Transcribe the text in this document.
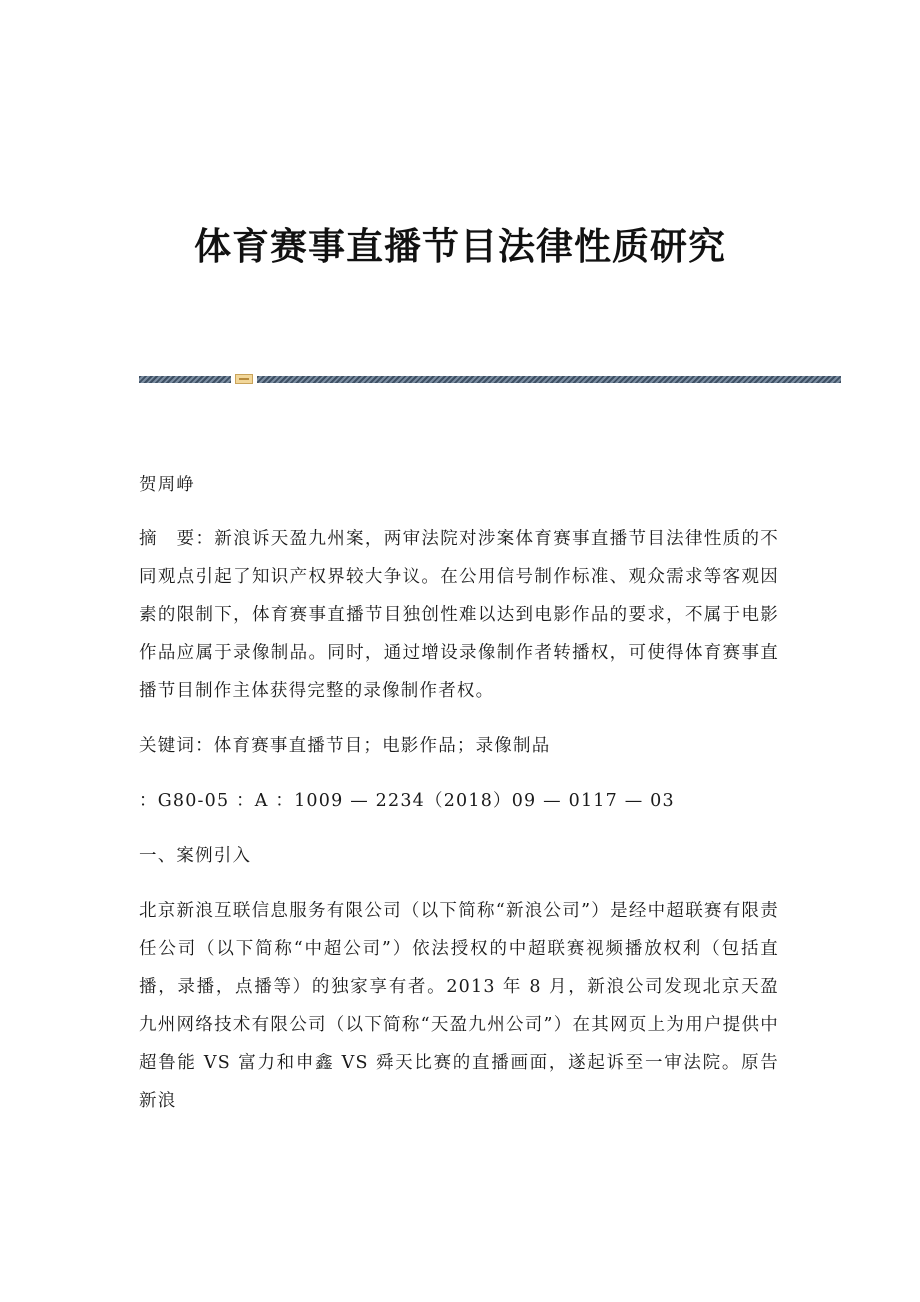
体育赛事直播节目法律性质研究

贺周峥

摘　要：新浪诉天盈九州案，两审法院对涉案体育赛事直播节目法律性质的不同观点引起了知识产权界较大争议。在公用信号制作标准、观众需求等客观因素的限制下，体育赛事直播节目独创性难以达到电影作品的要求，不属于电影作品应属于录像制品。同时，通过增设录像制作者转播权，可使得体育赛事直播节目制作主体获得完整的录像制作者权。

关键词：体育赛事直播节目；电影作品；录像制品

：G80-05 ：A ：1009 — 2234（2018）09 — 0117 — 03

一、案例引入

北京新浪互联信息服务有限公司（以下简称“新浪公司”）是经中超联赛有限责任公司（以下简称“中超公司”）依法授权的中超联赛视频播放权利（包括直播，录播，点播等）的独家享有者。2013 年 8 月，新浪公司发现北京天盈九州网络技术有限公司（以下简称“天盈九州公司”）在其网页上为用户提供中超鲁能 VS 富力和申鑫 VS 舜天比赛的直播画面，遂起诉至一审法院。原告新浪
